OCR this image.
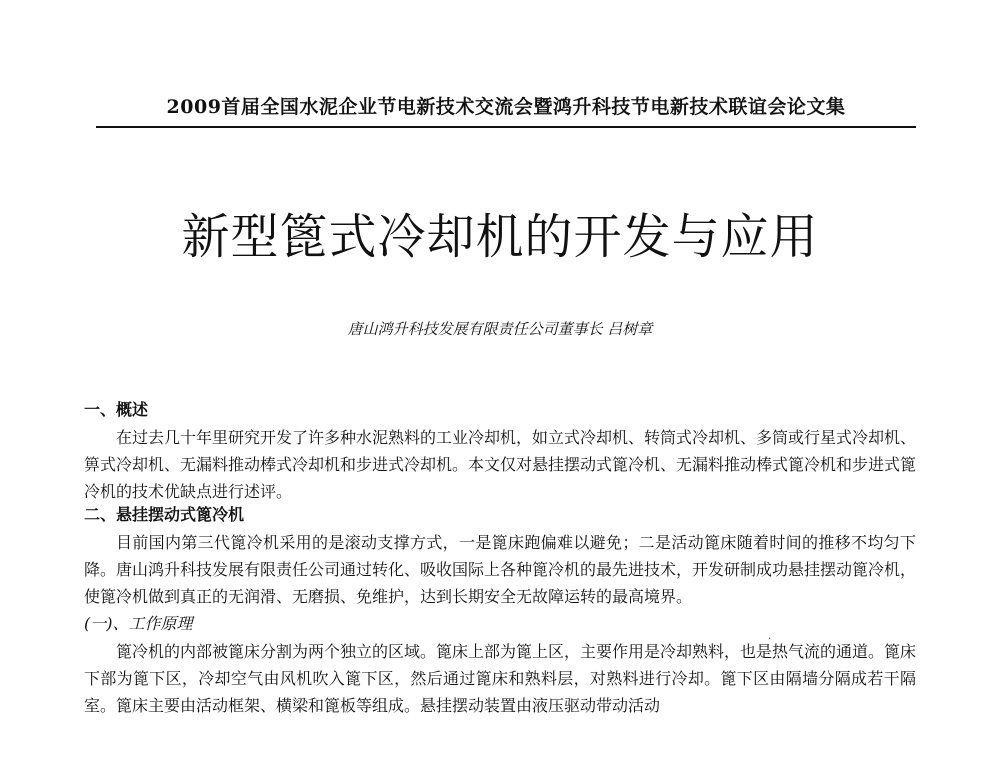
2009首届全国水泥企业节电新技术交流会暨鸿升科技节电新技术联谊会论文集
新型篦式冷却机的开发与应用
唐山鸿升科技发展有限责任公司董事长 吕树章
一、概述

在过去几十年里研究开发了许多种水泥熟料的工业冷却机，如立式冷却机、转筒式冷却机、多筒或行星式冷却机、箅式冷却机、无漏料推动棒式冷却机和步进式冷却机。本文仅对悬挂摆动式篦冷机、无漏料推动棒式篦冷机和步进式篦冷机的技术优缺点进行述评。

二、悬挂摆动式篦冷机

目前国内第三代篦冷机采用的是滚动支撑方式，一是篦床跑偏难以避免；二是活动篦床随着时间的推移不均匀下降。唐山鸿升科技发展有限责任公司通过转化、吸收国际上各种篦冷机的最先进技术，开发研制成功悬挂摆动篦冷机，使篦冷机做到真正的无润滑、无磨损、免维护，达到长期安全无故障运转的最高境界。

(一)、工作原理

篦冷机的内部被篦床分割为两个独立的区域。篦床上部为篦上区，主要作用是冷却熟料，也是热气流的通道。篦床下部为篦下区，冷却空气由风机吹入篦下区，然后通过篦床和熟料层，对熟料进行冷却。篦下区由隔墙分隔成若干隔室。篦床主要由活动框架、横梁和篦板等组成。悬挂摆动装置由液压驱动带动活动

·
